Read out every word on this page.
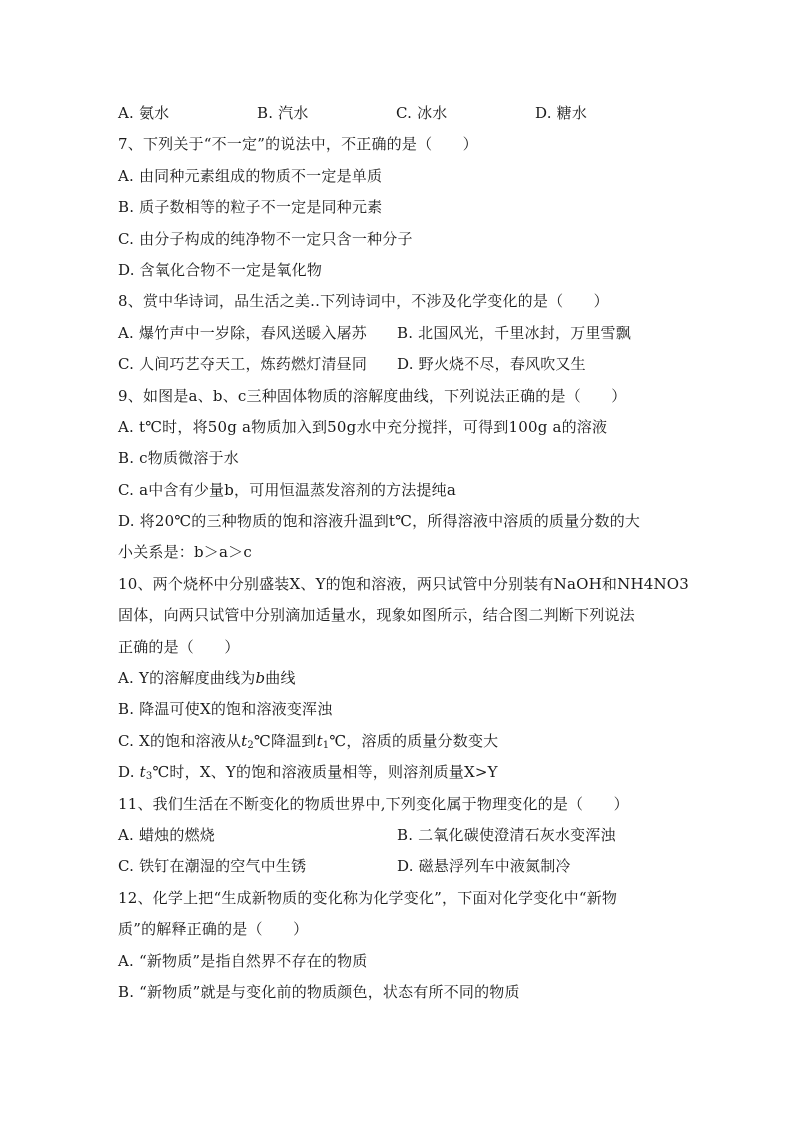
A. 氨水	B. 汽水	C. 冰水	D. 糖水
7、下列关于“不一定”的说法中，不正确的是（　　）
A. 由同种元素组成的物质不一定是单质
B. 质子数相等的粒子不一定是同种元素
C. 由分子构成的纯净物不一定只含一种分子
D. 含氧化合物不一定是氧化物
8、赏中华诗词，品生活之美..下列诗词中，不涉及化学变化的是（　　）
A. 爆竹声中一岁除，春风送暖入屠苏	B. 北国风光，千里冰封，万里雪飘
C. 人间巧艺夺天工，炼药燃灯清昼同	D. 野火烧不尽，春风吹又生
9、如图是a、b、c三种固体物质的溶解度曲线，下列说法正确的是（　　）
A. t℃时，将50g a物质加入到50g水中充分搅拌，可得到100g a的溶液
B. c物质微溶于水
C. a中含有少量b，可用恒温蒸发溶剂的方法提纯a
D. 将20℃的三种物质的饱和溶液升温到t℃，所得溶液中溶质的质量分数的大
小关系是：b＞a＞c
10、两个烧杯中分别盛装X、Y的饱和溶液，两只试管中分别装有NaOH和NH4NO3
固体，向两只试管中分别滴加适量水，现象如图所示，结合图二判断下列说法
正确的是（　　）
A. Y的溶解度曲线为b曲线
B. 降温可使X的饱和溶液变浑浊
C. X的饱和溶液从$t_2℃$降温到$t_1℃$，溶质的质量分数变大
D. $t_3℃$时，X、Y的饱和溶液质量相等，则溶剂质量X>Y
11、我们生活在不断变化的物质世界中,下列变化属于物理变化的是（　　）
A. 蜡烛的燃烧	B. 二氧化碳使澄清石灰水变浑浊
C. 铁钉在潮湿的空气中生锈	D. 磁悬浮列车中液氮制冷
12、化学上把“生成新物质的变化称为化学变化”，下面对化学变化中“新物
质”的解释正确的是（　　）
A. “新物质”是指自然界不存在的物质
B. “新物质”就是与变化前的物质颜色，状态有所不同的物质
